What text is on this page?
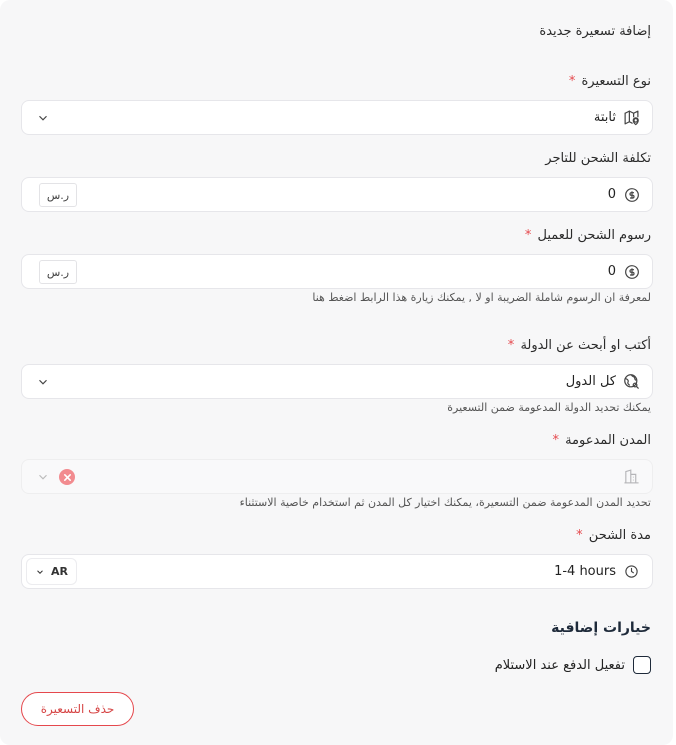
إضافة تسعيرة جديدة
نوع التسعيرة *
ثابتة
تكلفة الشحن للتاجر
0
ر.س
رسوم الشحن للعميل *
0
ر.س
لمعرفة ان الرسوم شاملة الضريبة او لا , يمكنك زيارة هذا الرابط اضغط هنا
أكتب او أبحث عن الدولة *
كل الدول
يمكنك تحديد الدولة المدعومة ضمن التسعيرة
المدن المدعومة *
تحديد المدن المدعومة ضمن التسعيرة، يمكنك اختيار كل المدن ثم استخدام خاصية الاستثناء
مدة الشحن *
1-4 hours
AR
خيارات إضافية
تفعيل الدفع عند الاستلام
حذف التسعيرة
